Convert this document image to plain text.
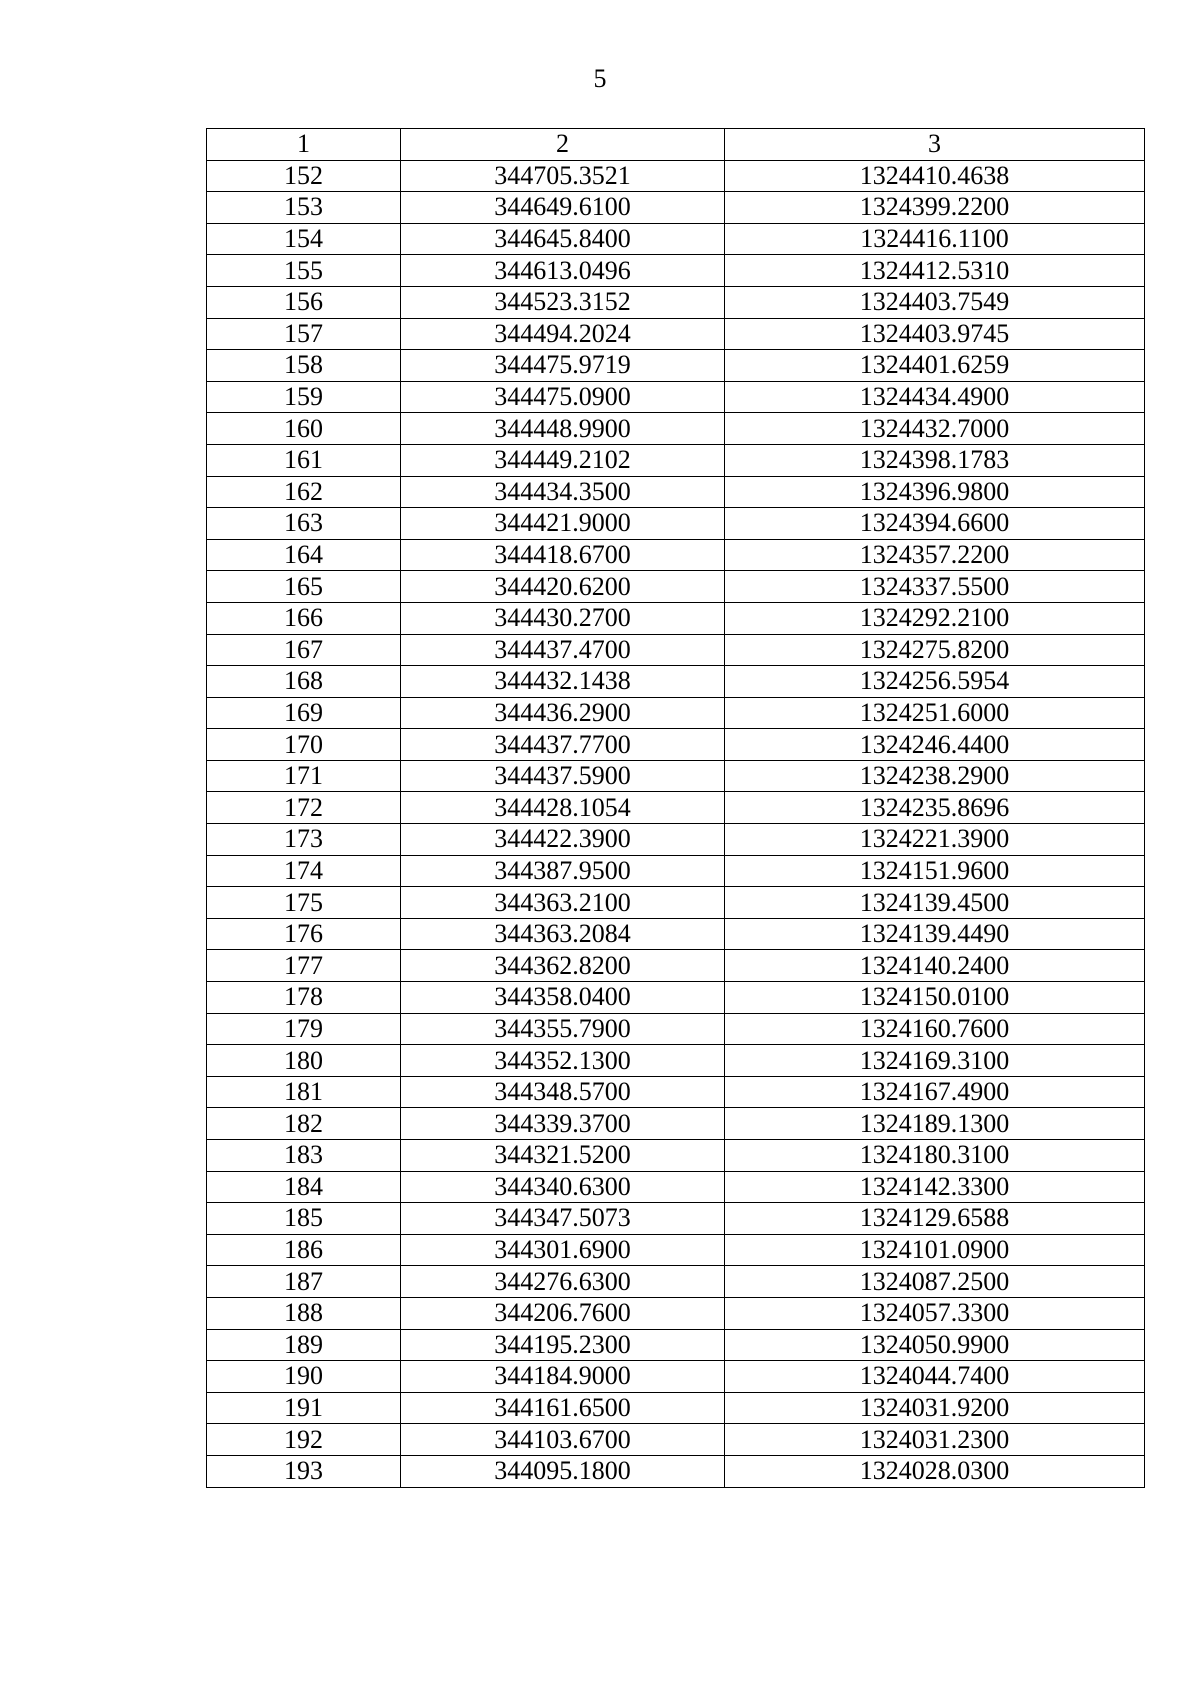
5
1	2	3
152	344705.3521	1324410.4638
153	344649.6100	1324399.2200
154	344645.8400	1324416.1100
155	344613.0496	1324412.5310
156	344523.3152	1324403.7549
157	344494.2024	1324403.9745
158	344475.9719	1324401.6259
159	344475.0900	1324434.4900
160	344448.9900	1324432.7000
161	344449.2102	1324398.1783
162	344434.3500	1324396.9800
163	344421.9000	1324394.6600
164	344418.6700	1324357.2200
165	344420.6200	1324337.5500
166	344430.2700	1324292.2100
167	344437.4700	1324275.8200
168	344432.1438	1324256.5954
169	344436.2900	1324251.6000
170	344437.7700	1324246.4400
171	344437.5900	1324238.2900
172	344428.1054	1324235.8696
173	344422.3900	1324221.3900
174	344387.9500	1324151.9600
175	344363.2100	1324139.4500
176	344363.2084	1324139.4490
177	344362.8200	1324140.2400
178	344358.0400	1324150.0100
179	344355.7900	1324160.7600
180	344352.1300	1324169.3100
181	344348.5700	1324167.4900
182	344339.3700	1324189.1300
183	344321.5200	1324180.3100
184	344340.6300	1324142.3300
185	344347.5073	1324129.6588
186	344301.6900	1324101.0900
187	344276.6300	1324087.2500
188	344206.7600	1324057.3300
189	344195.2300	1324050.9900
190	344184.9000	1324044.7400
191	344161.6500	1324031.9200
192	344103.6700	1324031.2300
193	344095.1800	1324028.0300
